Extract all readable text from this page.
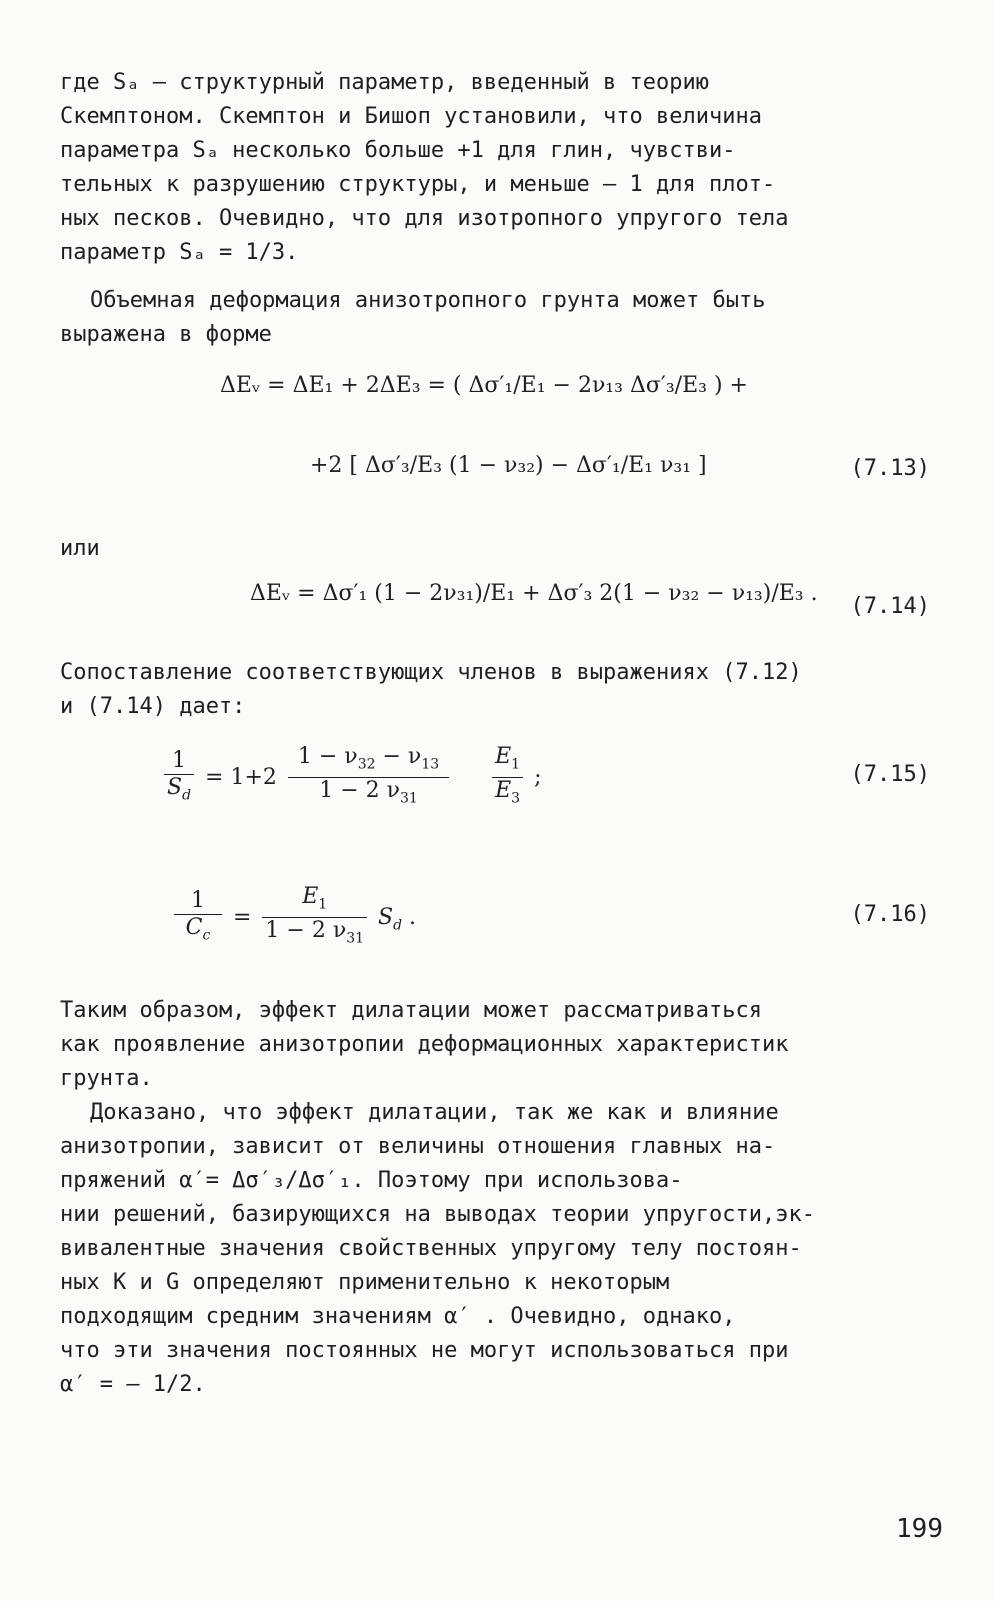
где Sₐ – структурный параметр, введенный в теорию

Скемптоном. Скемптон и Бишоп установили, что величина

параметра Sₐ несколько больше +1 для глин, чувстви-

тельных к разрушению структуры, и меньше – 1 для плот-

ных песков. Очевидно, что для изотропного упругого тела

параметр Sₐ = 1/3.

Объемная деформация анизотропного грунта может быть

выражена в форме

ΔEᵥ = ΔE₁ + 2ΔE₃ = ( Δσ′₁/E₁ − 2ν₁₃ Δσ′₃/E₃ ) +
+2 [ Δσ′₃/E₃ (1 − ν₃₂) − Δσ′₁/E₁ ν₃₁ ]	(7.13)

или

ΔEᵥ = Δσ′₁ (1 − 2ν₃₁)/E₁ + Δσ′₃ 2(1 − ν₃₂ − ν₁₃)/E₃ .
(7.14)

Сопоставление соответствующих членов в выражениях (7.12)

и (7.14) дает:

$\frac{1}{S_d} = 1+2 \frac{1 - \nu_{32} - \nu_{13}}{1 - 2 \nu_{31}}$
$\frac{E_1}{E_3}$ ;	(7.15)
$\frac{1}{C_c} = \frac{E_1}{1 - 2 \nu_{31}} S_d$ .	(7.16)

Таким образом, эффект дилатации может рассматриваться

как проявление анизотропии деформационных характеристик

грунта.

Доказано, что эффект дилатации, так же как и влияние

анизотропии, зависит от величины отношения главных на-

пряжений α′= Δσ′₃/Δσ′₁. Поэтому при использова-

нии решений, базирующихся на выводах теории упругости,эк-

вивалентные значения свойственных упругому телу постоян-

ных K и G определяют применительно к некоторым

подходящим средним значениям α′ . Очевидно, однако,

что эти значения постоянных не могут использоваться при

α′ = – 1/2.

199
